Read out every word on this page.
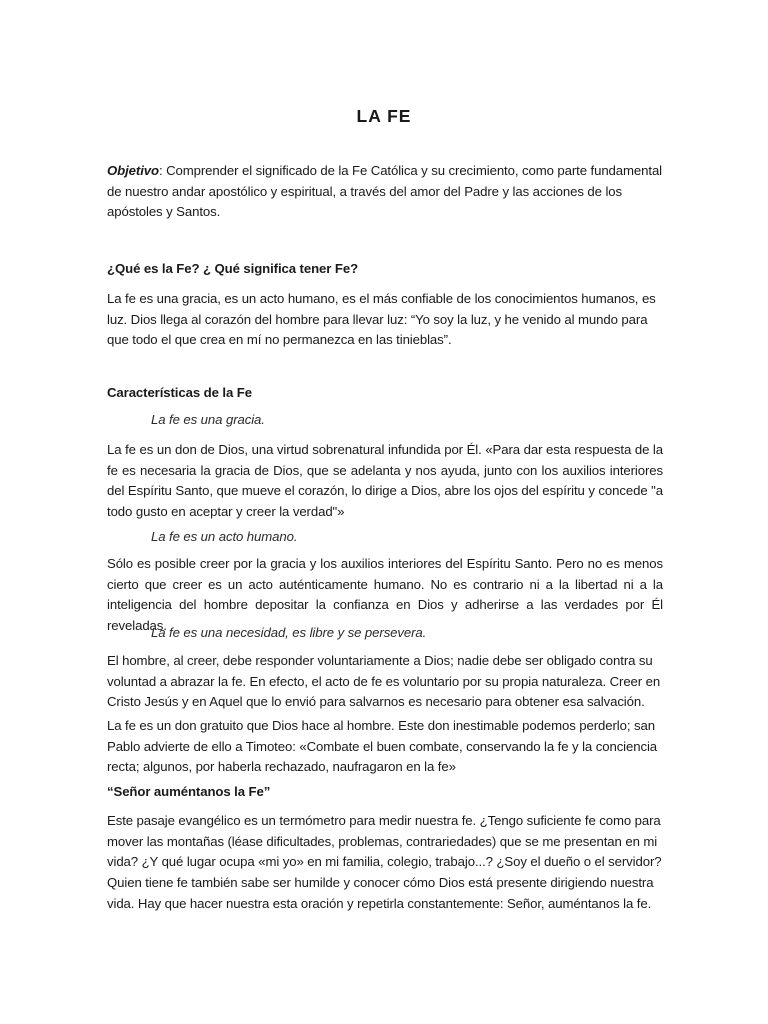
LA FE

Objetivo: Comprender el significado de la Fe Católica y su crecimiento, como parte fundamental de nuestro andar apostólico y espiritual, a través del amor del Padre y las acciones de los apóstoles y Santos.

¿Qué es la Fe? ¿ Qué significa tener Fe?

La fe es una gracia, es un acto humano, es el más confiable de los conocimientos humanos, es luz. Dios llega al corazón del hombre para llevar luz: “Yo soy la luz, y he venido al mundo para que todo el que crea en mí no permanezca en las tinieblas”.

Características de la Fe

La fe es una gracia.

La fe es un don de Dios, una virtud sobrenatural infundida por Él. «Para dar esta respuesta de la fe es necesaria la gracia de Dios, que se adelanta y nos ayuda, junto con los auxilios interiores del Espíritu Santo, que mueve el corazón, lo dirige a Dios, abre los ojos del espíritu y concede "a todo gusto en aceptar y creer la verdad"»

La fe es un acto humano.

Sólo es posible creer por la gracia y los auxilios interiores del Espíritu Santo. Pero no es menos cierto que creer es un acto auténticamente humano. No es contrario ni a la libertad ni a la inteligencia del hombre depositar la confianza en Dios y adherirse a las verdades por Él reveladas.

La fe es una necesidad, es libre y se persevera.

El hombre, al creer, debe responder voluntariamente a Dios; nadie debe ser obligado contra su voluntad a abrazar la fe. En efecto, el acto de fe es voluntario por su propia naturaleza. Creer en Cristo Jesús y en Aquel que lo envió para salvarnos es necesario para obtener esa salvación.

La fe es un don gratuito que Dios hace al hombre. Este don inestimable podemos perderlo; san Pablo advierte de ello a Timoteo: «Combate el buen combate, conservando la fe y la conciencia recta; algunos, por haberla rechazado, naufragaron en la fe»

“Señor auméntanos la Fe”

Este pasaje evangélico es un termómetro para medir nuestra fe. ¿Tengo suficiente fe como para mover las montañas (léase dificultades, problemas, contrariedades) que se me presentan en mi vida? ¿Y qué lugar ocupa «mi yo» en mi familia, colegio, trabajo...? ¿Soy el dueño o el servidor? Quien tiene fe también sabe ser humilde y conocer cómo Dios está presente dirigiendo nuestra vida. Hay que hacer nuestra esta oración y repetirla constantemente: Señor, auméntanos la fe.
